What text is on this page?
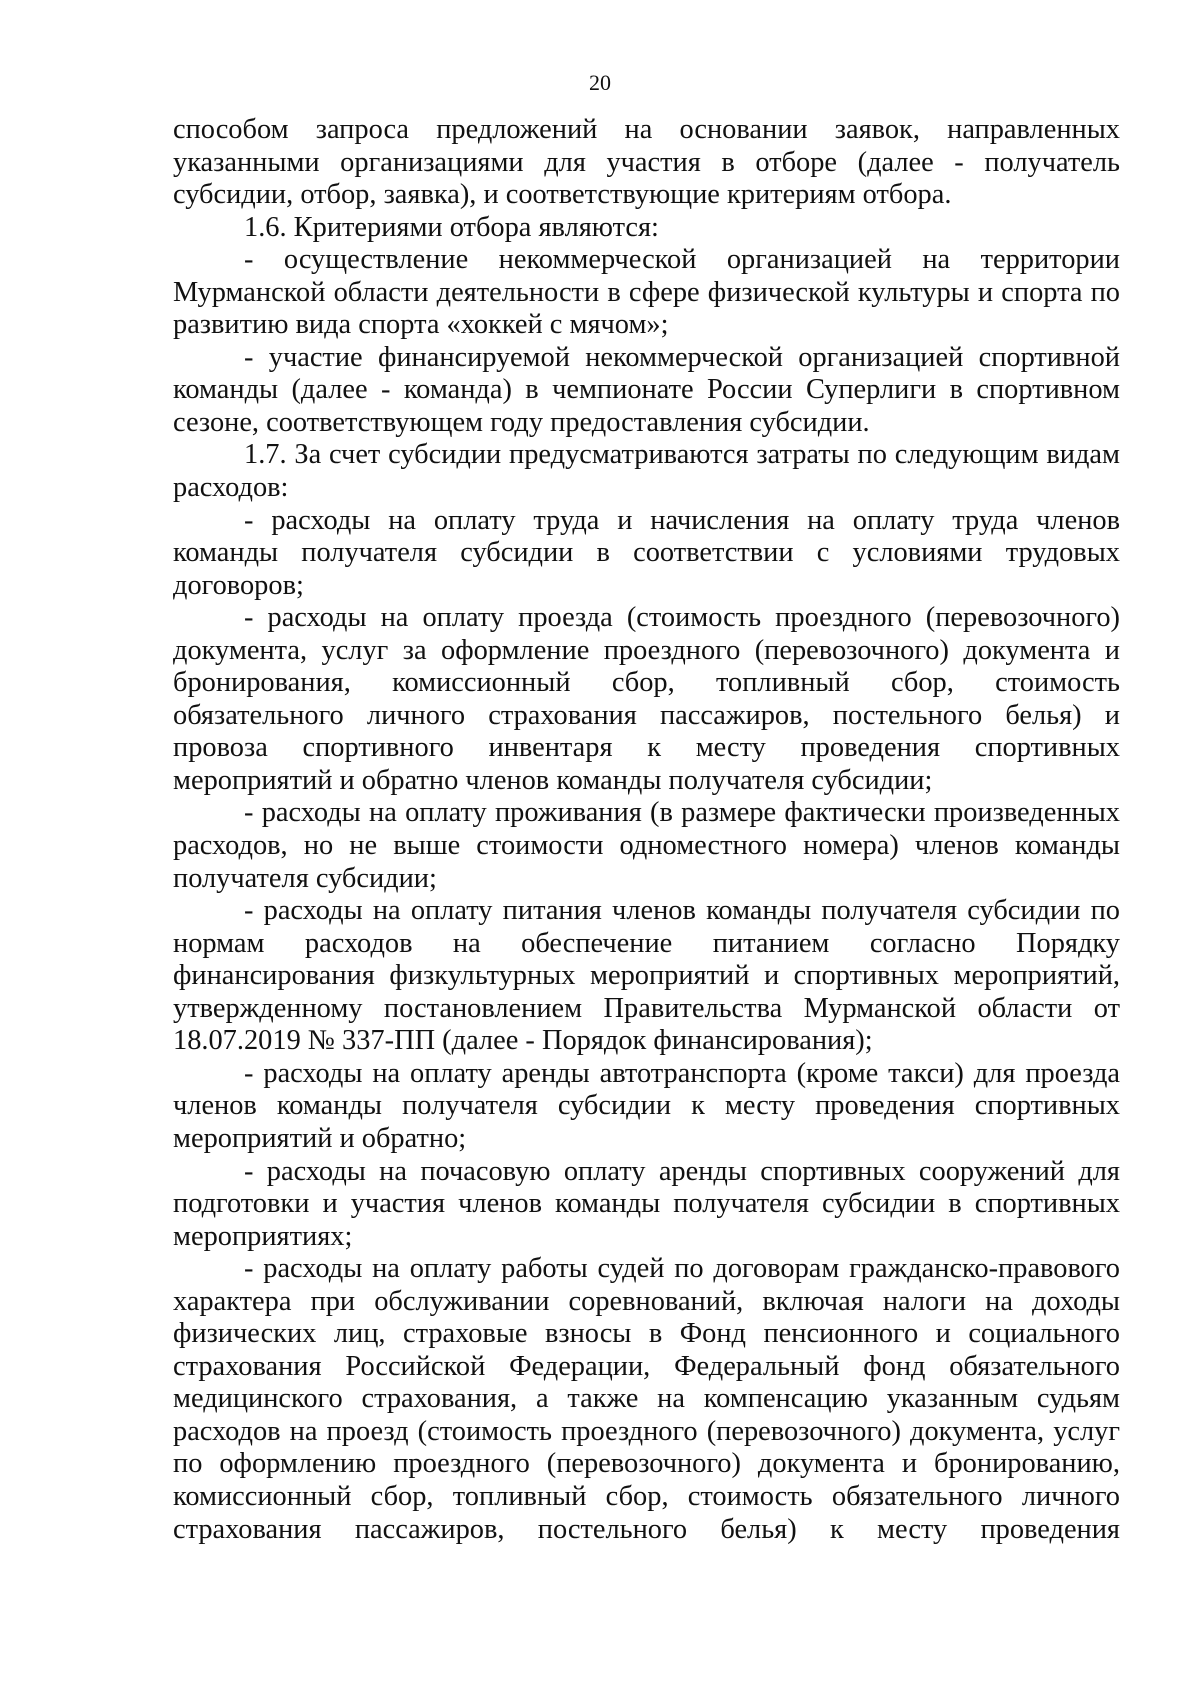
20

способом запроса предложений на основании заявок, направленных указанными организациями для участия в отборе (далее - получатель субсидии, отбор, заявка), и соответствующие критериям отбора.

1.6. Критериями отбора являются:

- осуществление некоммерческой организацией на территории Мурманской области деятельности в сфере физической культуры и спорта по развитию вида спорта «хоккей с мячом»;

- участие финансируемой некоммерческой организацией спортивной команды (далее - команда) в чемпионате России Суперлиги в спортивном сезоне, соответствующем году предоставления субсидии.

1.7. За счет субсидии предусматриваются затраты по следующим видам расходов:

- расходы на оплату труда и начисления на оплату труда членов команды получателя субсидии в соответствии с условиями трудовых договоров;

- расходы на оплату проезда (стоимость проездного (перевозочного) документа, услуг за оформление проездного (перевозочного) документа и бронирования, комиссионный сбор, топливный сбор, стоимость обязательного личного страхования пассажиров, постельного белья) и провоза спортивного инвентаря к месту проведения спортивных мероприятий и обратно членов команды получателя субсидии;

- расходы на оплату проживания (в размере фактически произведенных расходов, но не выше стоимости одноместного номера) членов команды получателя субсидии;

- расходы на оплату питания членов команды получателя субсидии по нормам расходов на обеспечение питанием согласно Порядку финансирования физкультурных мероприятий и спортивных мероприятий, утвержденному постановлением Правительства Мурманской области от 18.07.2019 № 337-ПП (далее - Порядок финансирования);

- расходы на оплату аренды автотранспорта (кроме такси) для проезда членов команды получателя субсидии к месту проведения спортивных мероприятий и обратно;

- расходы на почасовую оплату аренды спортивных сооружений для подготовки и участия членов команды получателя субсидии в спортивных мероприятиях;

- расходы на оплату работы судей по договорам гражданско-правового характера при обслуживании соревнований, включая налоги на доходы физических лиц, страховые взносы в Фонд пенсионного и социального страхования Российской Федерации, Федеральный фонд обязательного медицинского страхования, а также на компенсацию указанным судьям расходов на проезд (стоимость проездного (перевозочного) документа, услуг по оформлению проездного (перевозочного) документа и бронированию, комиссионный сбор, топливный сбор, стоимость обязательного личного страхования пассажиров, постельного белья) к месту проведения
